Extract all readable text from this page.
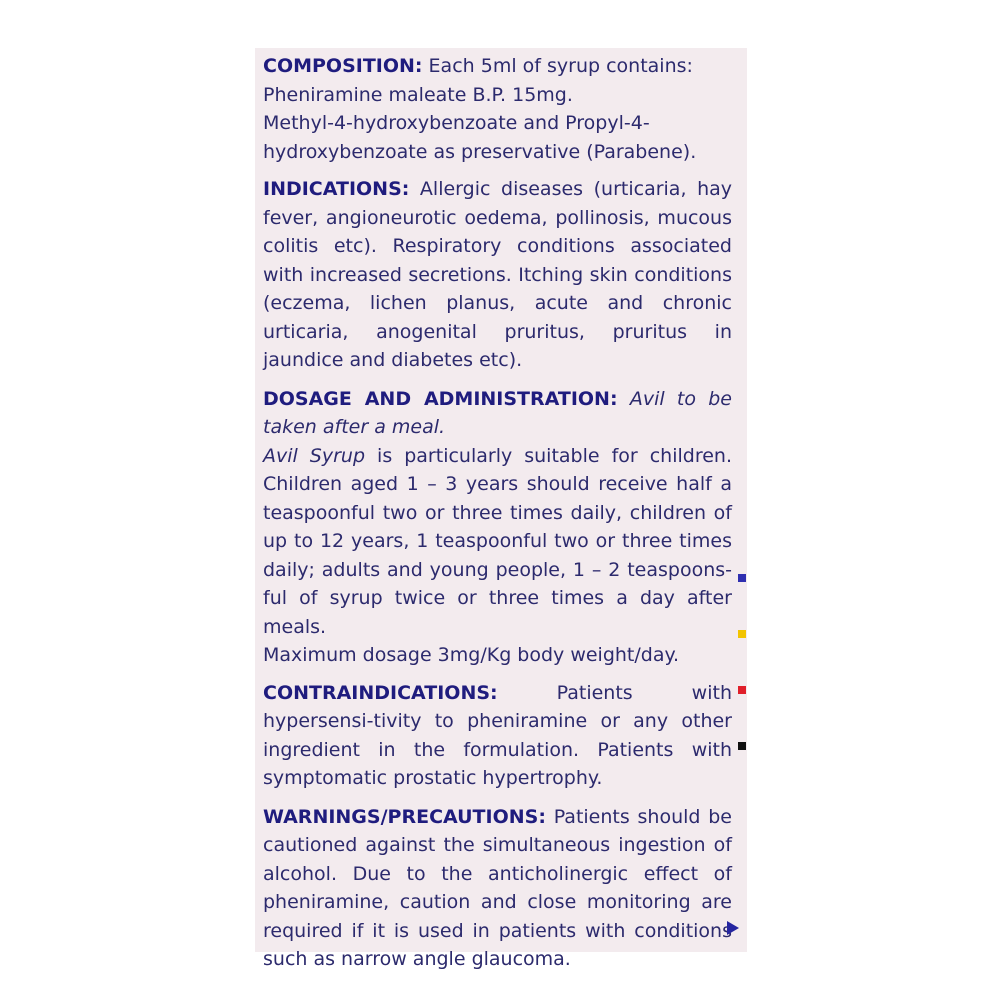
COMPOSITION: Each 5ml of syrup contains:
Pheniramine maleate B.P. 15mg.
Methyl-4-hydroxybenzoate and Propyl-4-
hydroxybenzoate as preservative (Parabene).
INDICATIONS: Allergic diseases (urticaria, hay fever, angioneurotic oedema, pollinosis, mucous colitis etc). Respiratory conditions associated with increased secretions. Itching skin conditions (eczema, lichen planus, acute and chronic urticaria, anogenital pruritus, pruritus in jaundice and diabetes etc).
DOSAGE AND ADMINISTRATION: Avil to be taken after a meal.
Avil Syrup is particularly suitable for children. Children aged 1 – 3 years should receive half a teaspoonful two or three times daily, children of up to 12 years, 1 teaspoonful two or three times daily; adults and young people, 1 – 2 teaspoons-ful of syrup twice or three times a day after meals.
Maximum dosage 3mg/Kg body weight/day.
CONTRAINDICATIONS: Patients with hypersensi-tivity to pheniramine or any other ingredient in the formulation. Patients with symptomatic prostatic hypertrophy.
WARNINGS/PRECAUTIONS: Patients should be cautioned against the simultaneous ingestion of alcohol. Due to the anticholinergic effect of pheniramine, caution and close monitoring are required if it is used in patients with conditions such as narrow angle glaucoma.
